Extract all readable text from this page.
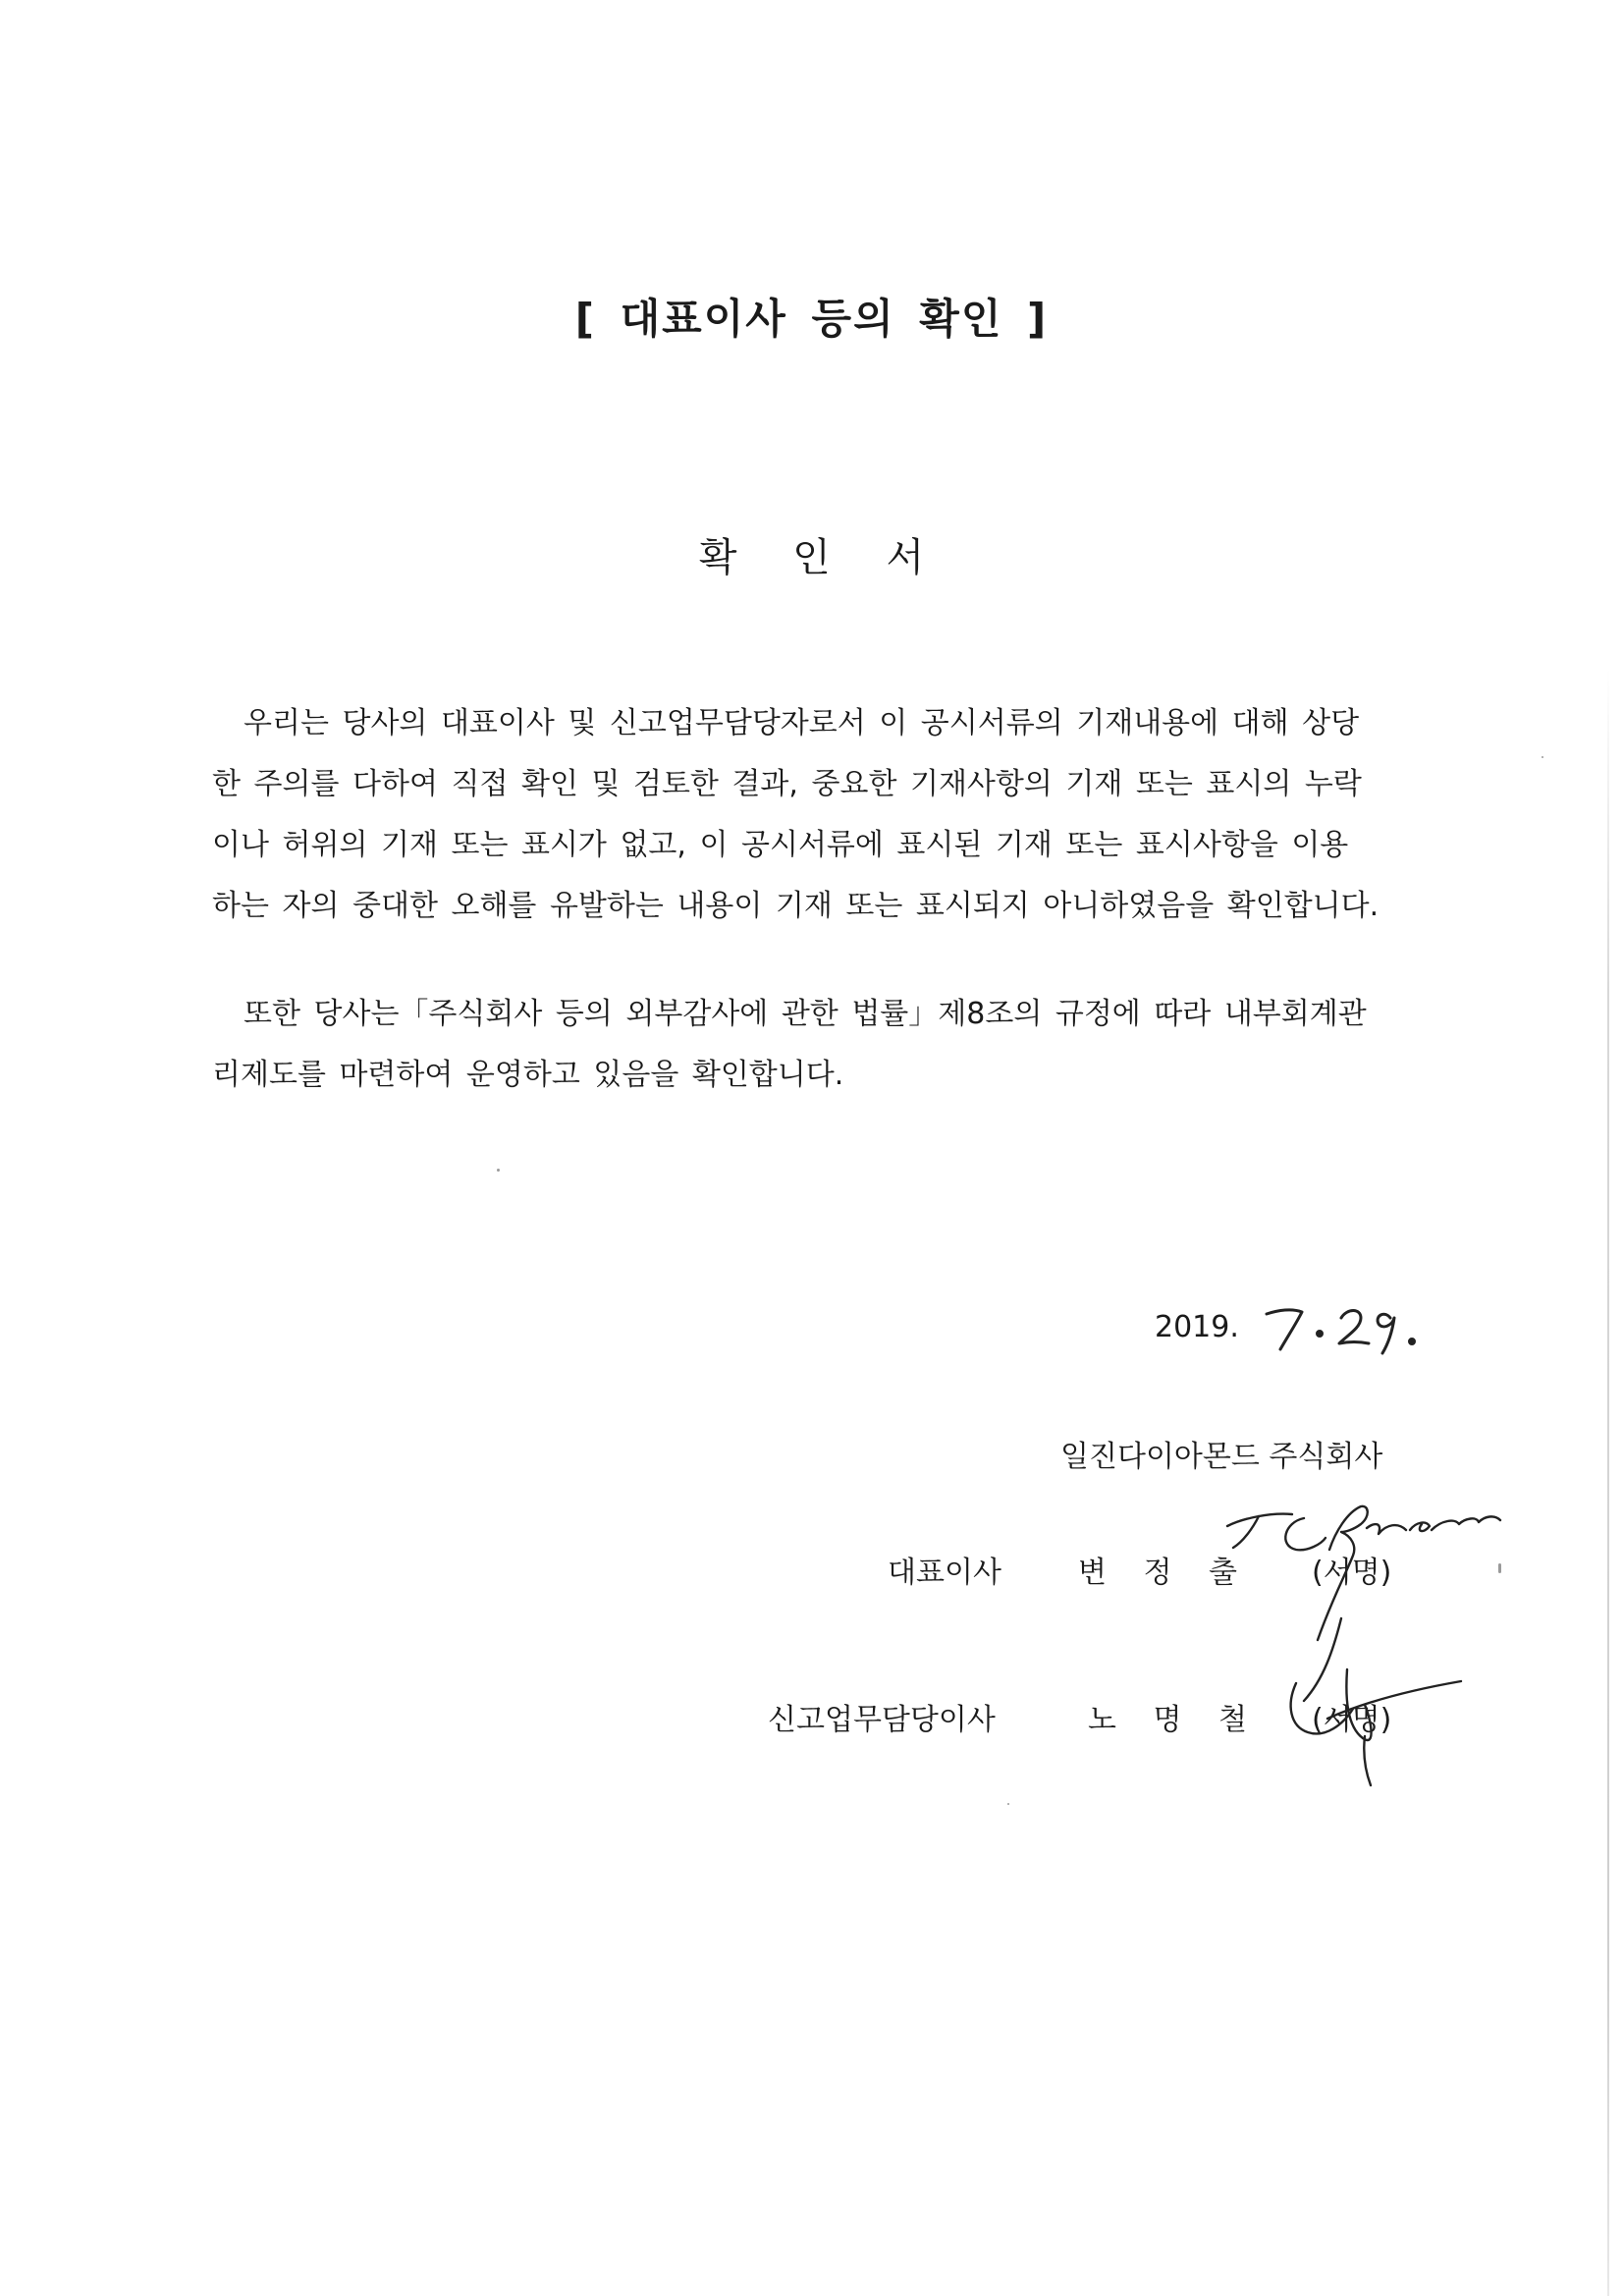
[ 대표이사 등의 확인 ]
확 인 서
우리는 당사의 대표이사 및 신고업무담당자로서 이 공시서류의 기재내용에 대해 상당
한 주의를 다하여 직접 확인 및 검토한 결과, 중요한 기재사항의 기재 또는 표시의 누락
이나 허위의 기재 또는 표시가 없고, 이 공시서류에 표시된 기재 또는 표시사항을 이용
하는 자의 중대한 오해를 유발하는 내용이 기재 또는 표시되지 아니하였음을 확인합니다.
또한 당사는「주식회사 등의 외부감사에 관한 법률」제8조의 규정에 따라 내부회계관
리제도를 마련하여 운영하고 있음을 확인합니다.
2019.
일진다이아몬드 주식회사
대표이사	변 정 출 (서명)
신고업무담당이사	노 명 철 (서명)
